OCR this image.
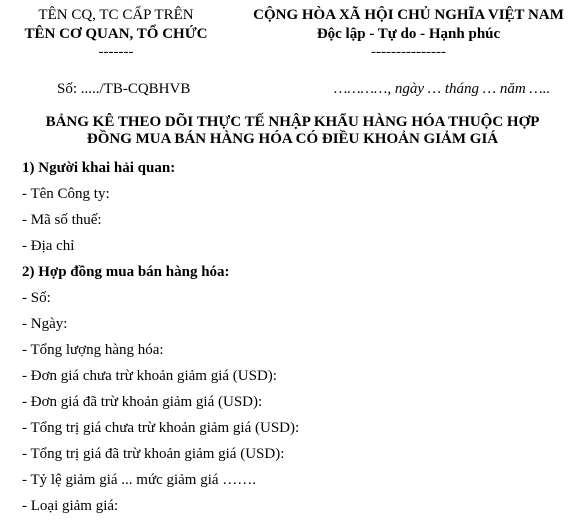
TÊN CQ, TC CẤP TRÊN
TÊN CƠ QUAN, TỔ CHỨC
-------
CỘNG HÒA XÃ HỘI CHỦ NGHĨA VIỆT NAM
Độc lập - Tự do - Hạnh phúc
---------------
Số: ...../TB-CQBHVB	…………, ngày … tháng … năm …..
BẢNG KÊ THEO DÕI THỰC TẾ NHẬP KHẨU HÀNG HÓA THUỘC HỢP
ĐỒNG MUA BÁN HÀNG HÓA CÓ ĐIỀU KHOẢN GIẢM GIÁ
1) Người khai hải quan:
- Tên Công ty:
- Mã số thuế:
- Địa chỉ
2) Hợp đồng mua bán hàng hóa:
- Số:
- Ngày:
- Tổng lượng hàng hóa:
- Đơn giá chưa trừ khoản giảm giá (USD):
- Đơn giá đã trừ khoản giảm giá (USD):
- Tổng trị giá chưa trừ khoản giảm giá (USD):
- Tổng trị giá đã trừ khoản giảm giá (USD):
- Tỷ lệ giảm giá ... mức giảm giá …….
- Loại giảm giá:
